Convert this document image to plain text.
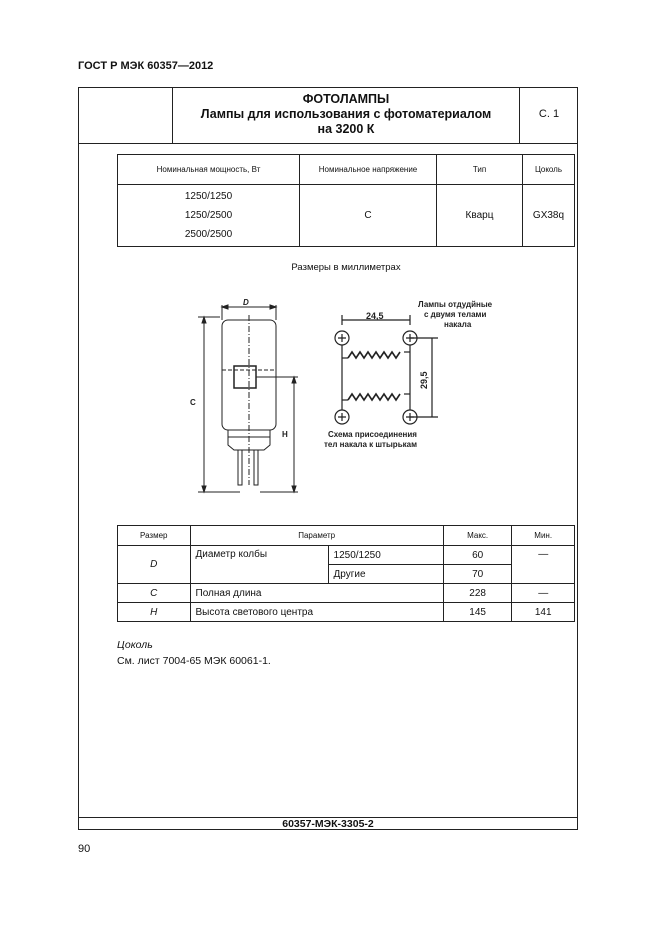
ГОСТ Р МЭК 60357—2012
ФОТОЛАМПЫ
Лампы для использования с фотоматериалом
на 3200 К
С. 1
Номинальная мощность, Вт	Номинальное напряжение	Тип	Цоколь

1250/1250
1250/2500
2500/2500	С	Кварц	GX38q
Размеры в миллиметрах
D
C
H
24,5
29,5
Лампы отдудйные
с двумя телами
накала
Схема присоединения
тел накала к штырькам
Размер	Параметр		Макс.	Мин.
D	Диаметр колбы	1250/1250	60	—
		Другие	70	
C	Полная длина		228	—
H	Высота светового центра		145	141
Цоколь
См. лист 7004-65 МЭК 60061-1.
60357-МЭК-3305-2
90
